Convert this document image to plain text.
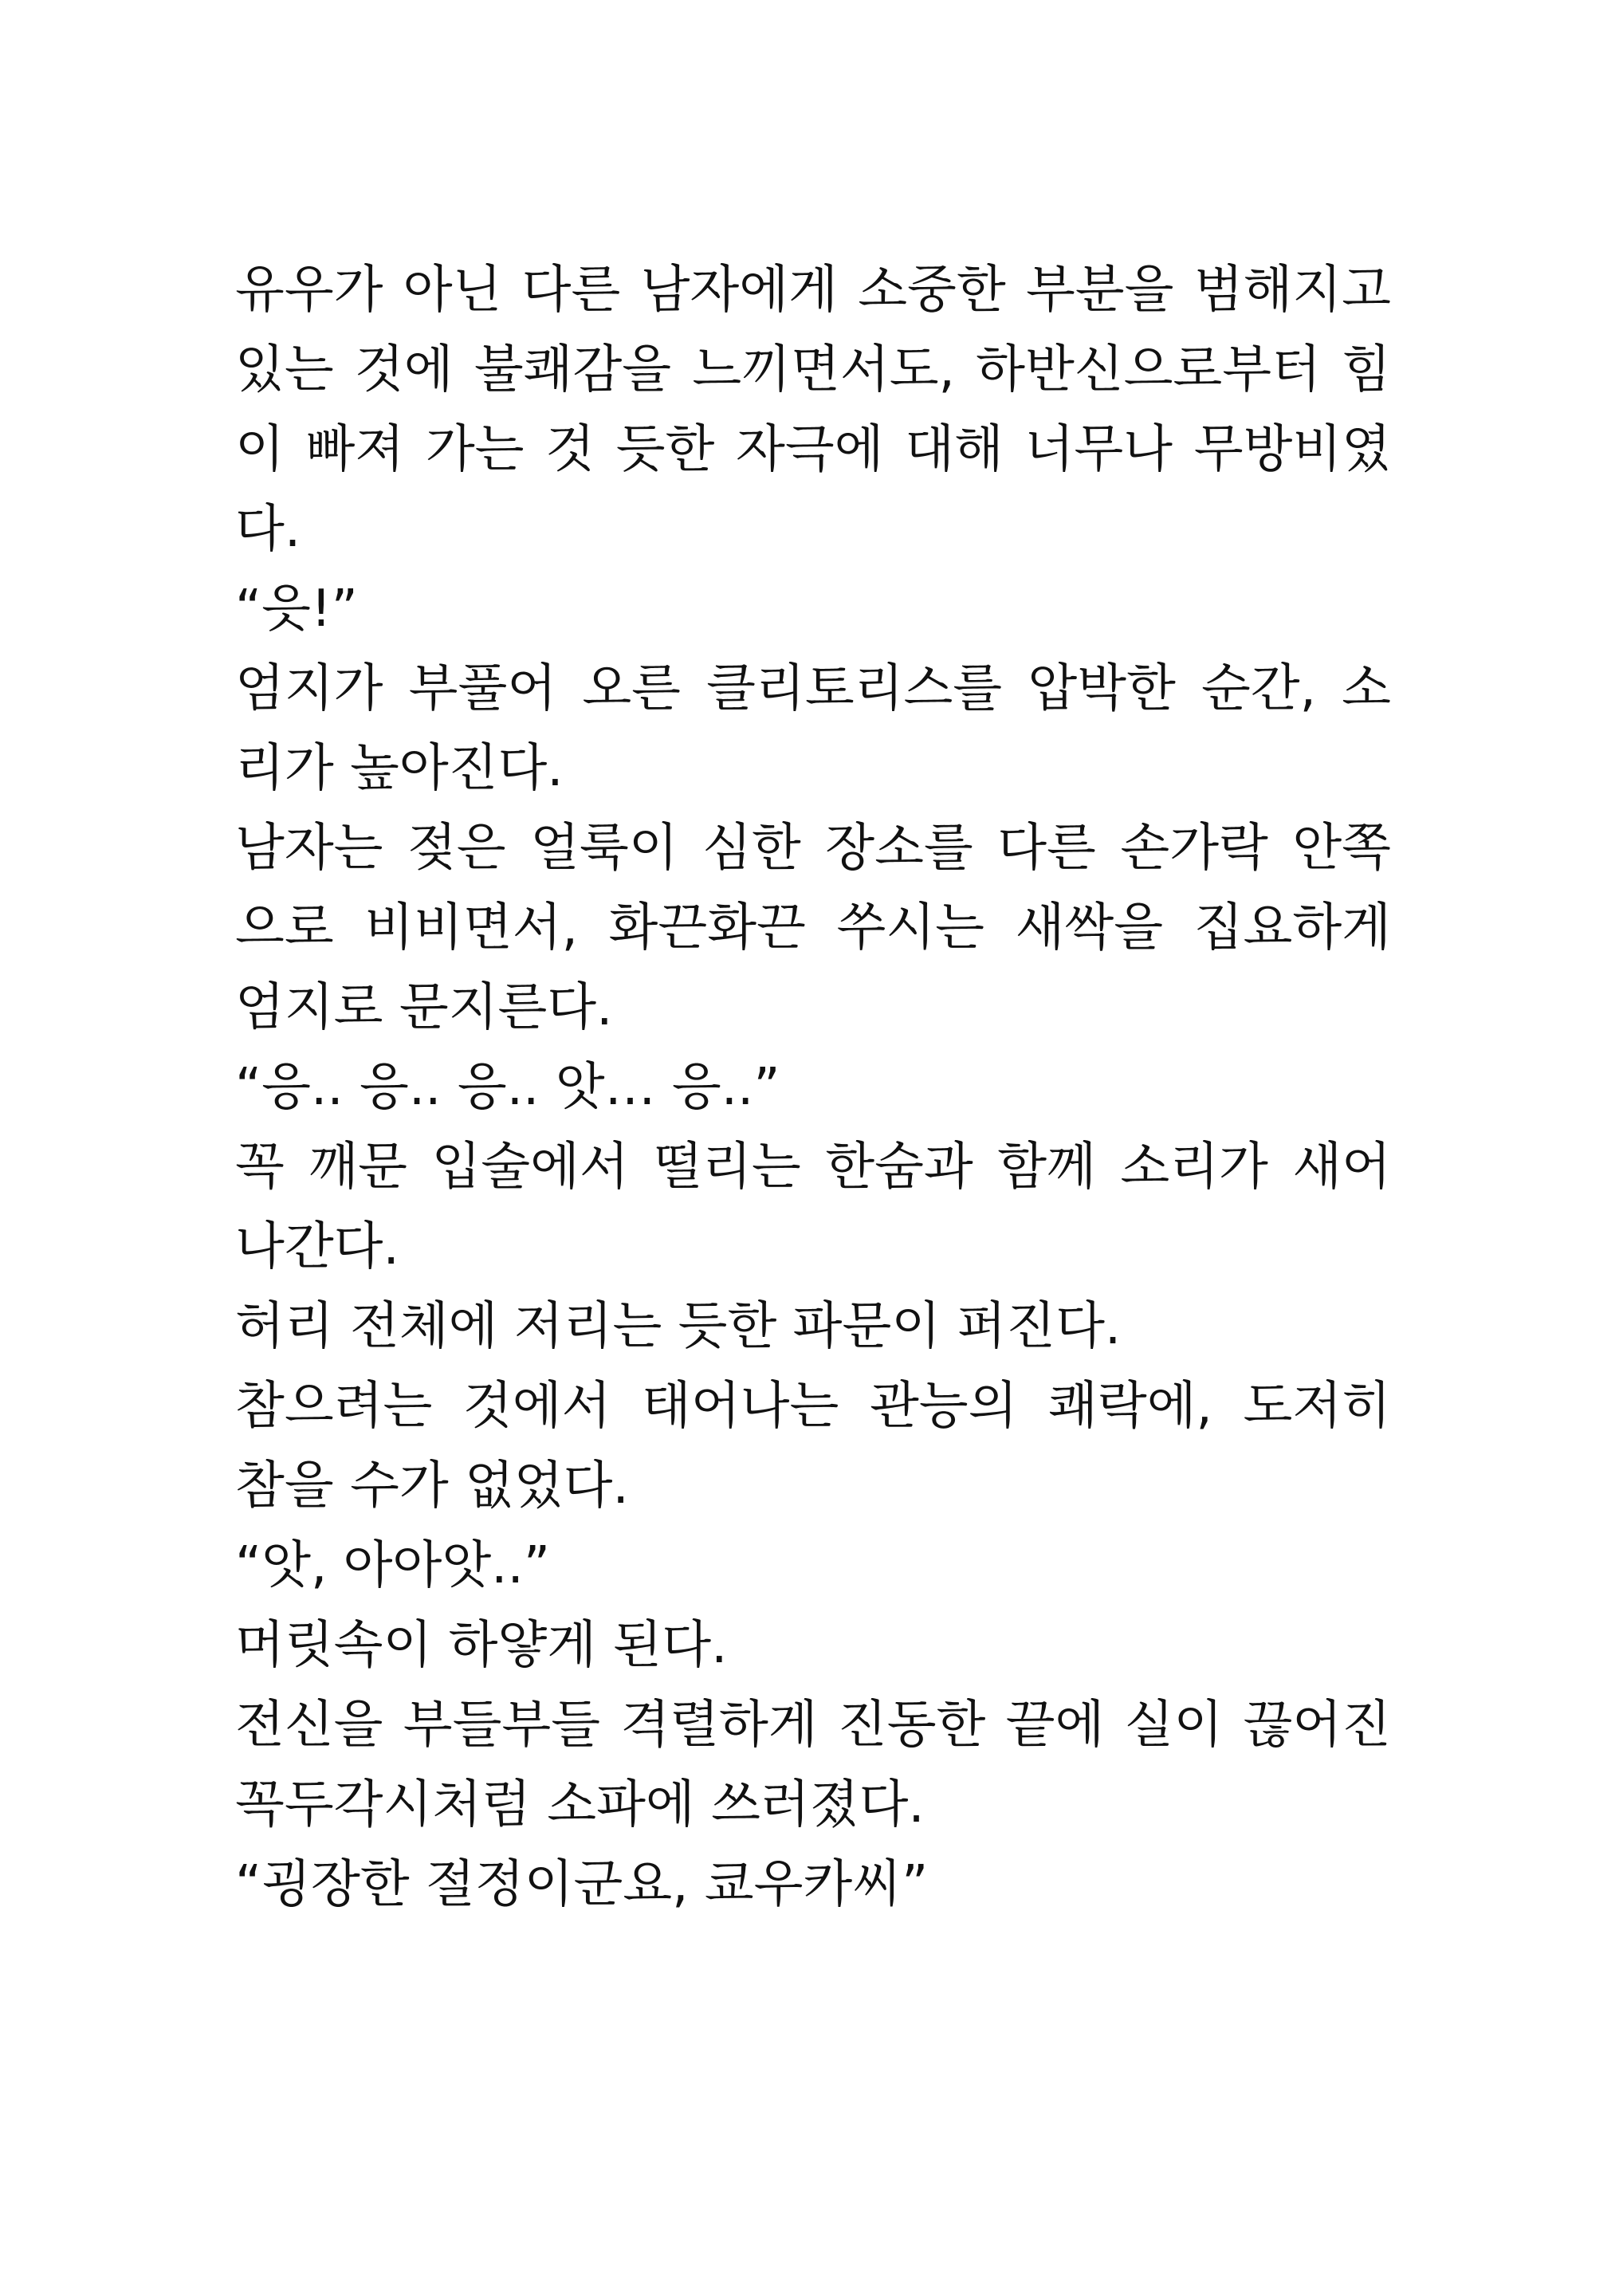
유우가 아닌 다른 남자에게 소중한 부분을 범해지고
있는 것에 불쾌감을 느끼면서도, 하반신으로부터 힘
이 빠져 가는 것 듯한 자극에 대해 너무나 무방비였
다.
“읏!”
엄지가 부풀어 오른 클리토리스를 압박한 순간, 소
리가 높아진다.
남자는 젖은 얼룩이 심한 장소를 다른 손가락 안쪽
으로 비비면서, 화끈화끈 쑤시는 새싹을 집요하게
엄지로 문지른다.
“응.. 응.. 응.. 앗… 응..”
꼭 깨문 입술에서 떨리는 한숨과 함께 소리가 새어
나간다.
허리 전체에 저리는 듯한 파문이 퍼진다.
참으려는 것에서 태어나는 관능의 쾌락에, 도저히
참을 수가 없었다.
“앗, 아아앗..”
머릿속이 하얗게 된다.
전신을 부들부들 격렬하게 진동한 끝에 실이 끊어진
꼭두각시처럼 소파에 쓰러졌다.
“굉장한 절정이군요, 쿄우카씨”
